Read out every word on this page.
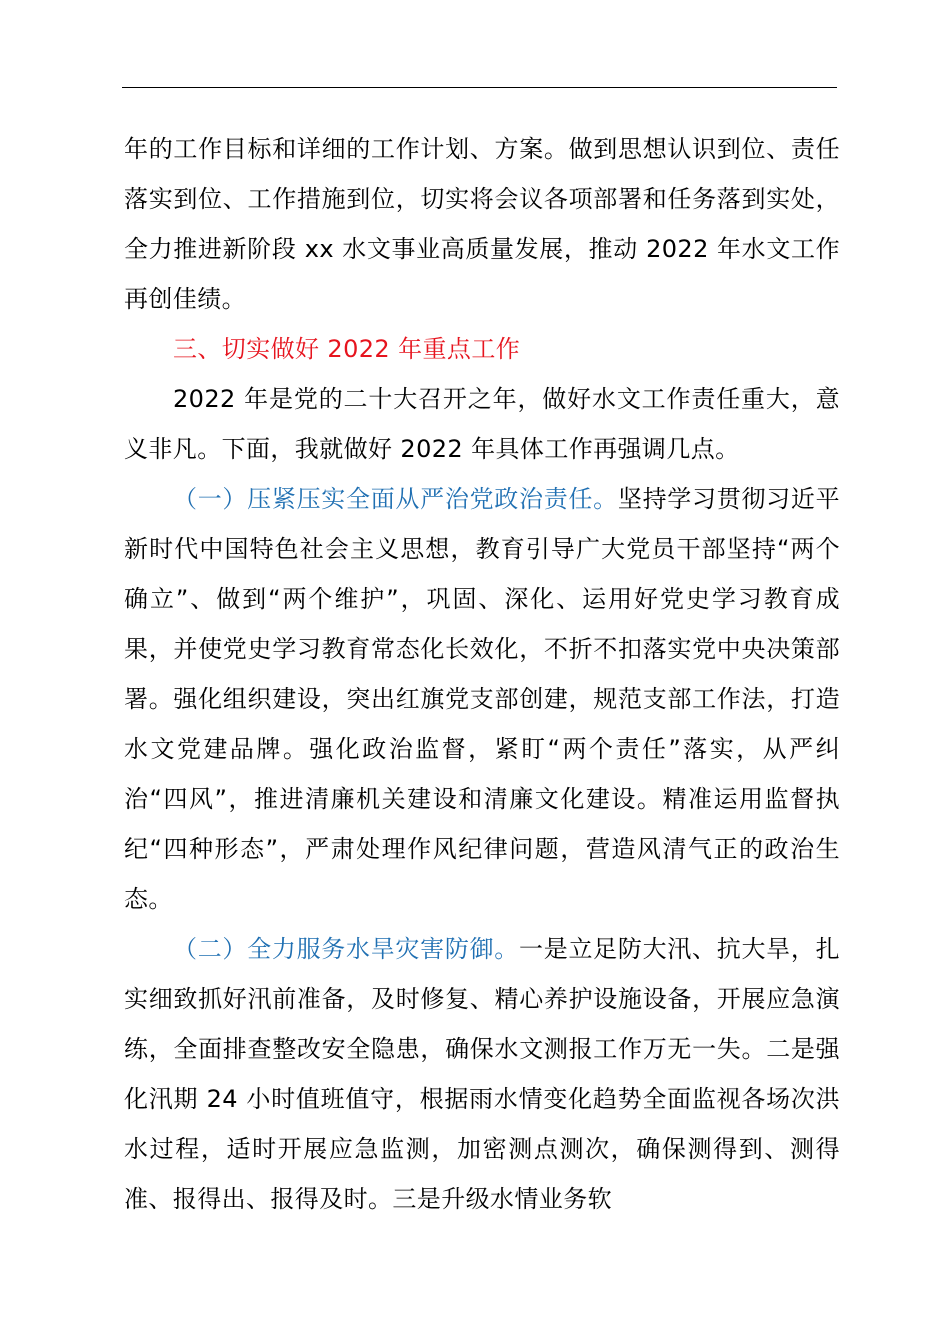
年的工作目标和详细的工作计划、方案。做到思想认识到位、责任落实到位、工作措施到位，切实将会议各项部署和任务落到实处，全力推进新阶段 xx 水文事业高质量发展，推动 2022 年水文工作再创佳绩。

三、切实做好 2022 年重点工作

2022 年是党的二十大召开之年，做好水文工作责任重大，意义非凡。下面，我就做好 2022 年具体工作再强调几点。

（一）压紧压实全面从严治党政治责任。坚持学习贯彻习近平新时代中国特色社会主义思想，教育引导广大党员干部坚持“两个确立”、做到“两个维护”，巩固、深化、运用好党史学习教育成果，并使党史学习教育常态化长效化，不折不扣落实党中央决策部署。强化组织建设，突出红旗党支部创建，规范支部工作法，打造水文党建品牌。强化政治监督，紧盯“两个责任”落实，从严纠治“四风”，推进清廉机关建设和清廉文化建设。精准运用监督执纪“四种形态”，严肃处理作风纪律问题，营造风清气正的政治生态。

（二）全力服务水旱灾害防御。一是立足防大汛、抗大旱，扎实细致抓好汛前准备，及时修复、精心养护设施设备，开展应急演练，全面排查整改安全隐患，确保水文测报工作万无一失。二是强化汛期 24 小时值班值守，根据雨水情变化趋势全面监视各场次洪水过程，适时开展应急监测，加密测点测次，确保测得到、测得准、报得出、报得及时。三是升级水情业务软
